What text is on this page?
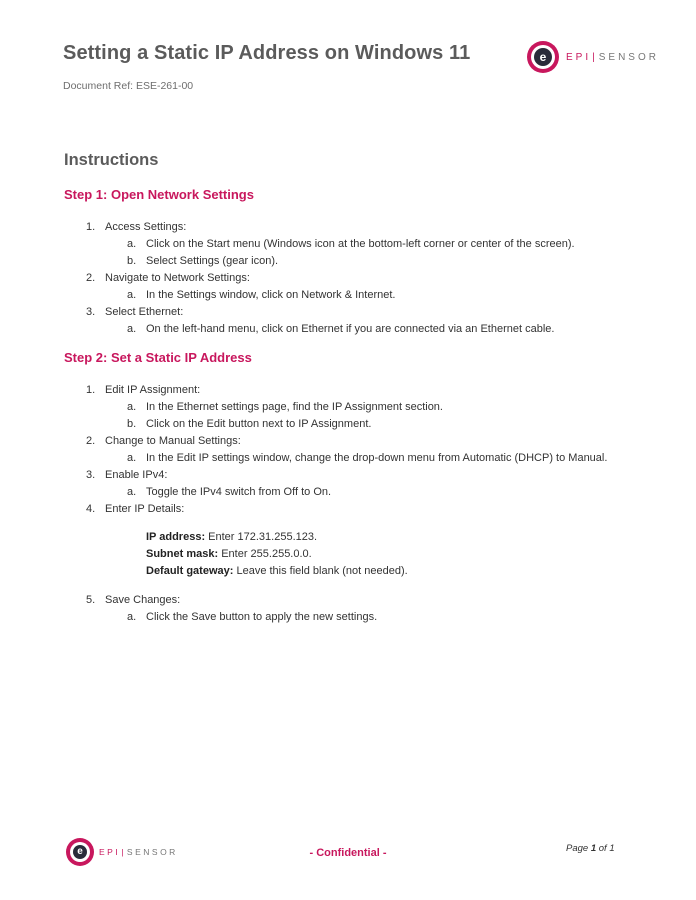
Setting a Static IP Address on Windows 11
Document Ref: ESE-261-00
e	EPI|SENSOR
Instructions
Step 1: Open Network Settings
1. Access Settings:
a. Click on the Start menu (Windows icon at the bottom-left corner or center of the screen).
b. Select Settings (gear icon).
2. Navigate to Network Settings:
a. In the Settings window, click on Network & Internet.
3. Select Ethernet:
a. On the left-hand menu, click on Ethernet if you are connected via an Ethernet cable.
Step 2: Set a Static IP Address
1. Edit IP Assignment:
a. In the Ethernet settings page, find the IP Assignment section.
b. Click on the Edit button next to IP Assignment.
2. Change to Manual Settings:
a. In the Edit IP settings window, change the drop-down menu from Automatic (DHCP) to Manual.
3. Enable IPv4:
a. Toggle the IPv4 switch from Off to On.
4. Enter IP Details:
IP address: Enter 172.31.255.123.
Subnet mask: Enter 255.255.0.0.
Default gateway: Leave this field blank (not needed).
5. Save Changes:
a. Click the Save button to apply the new settings.
e	EPI|SENSOR	- Confidential -	Page 1 of 1
